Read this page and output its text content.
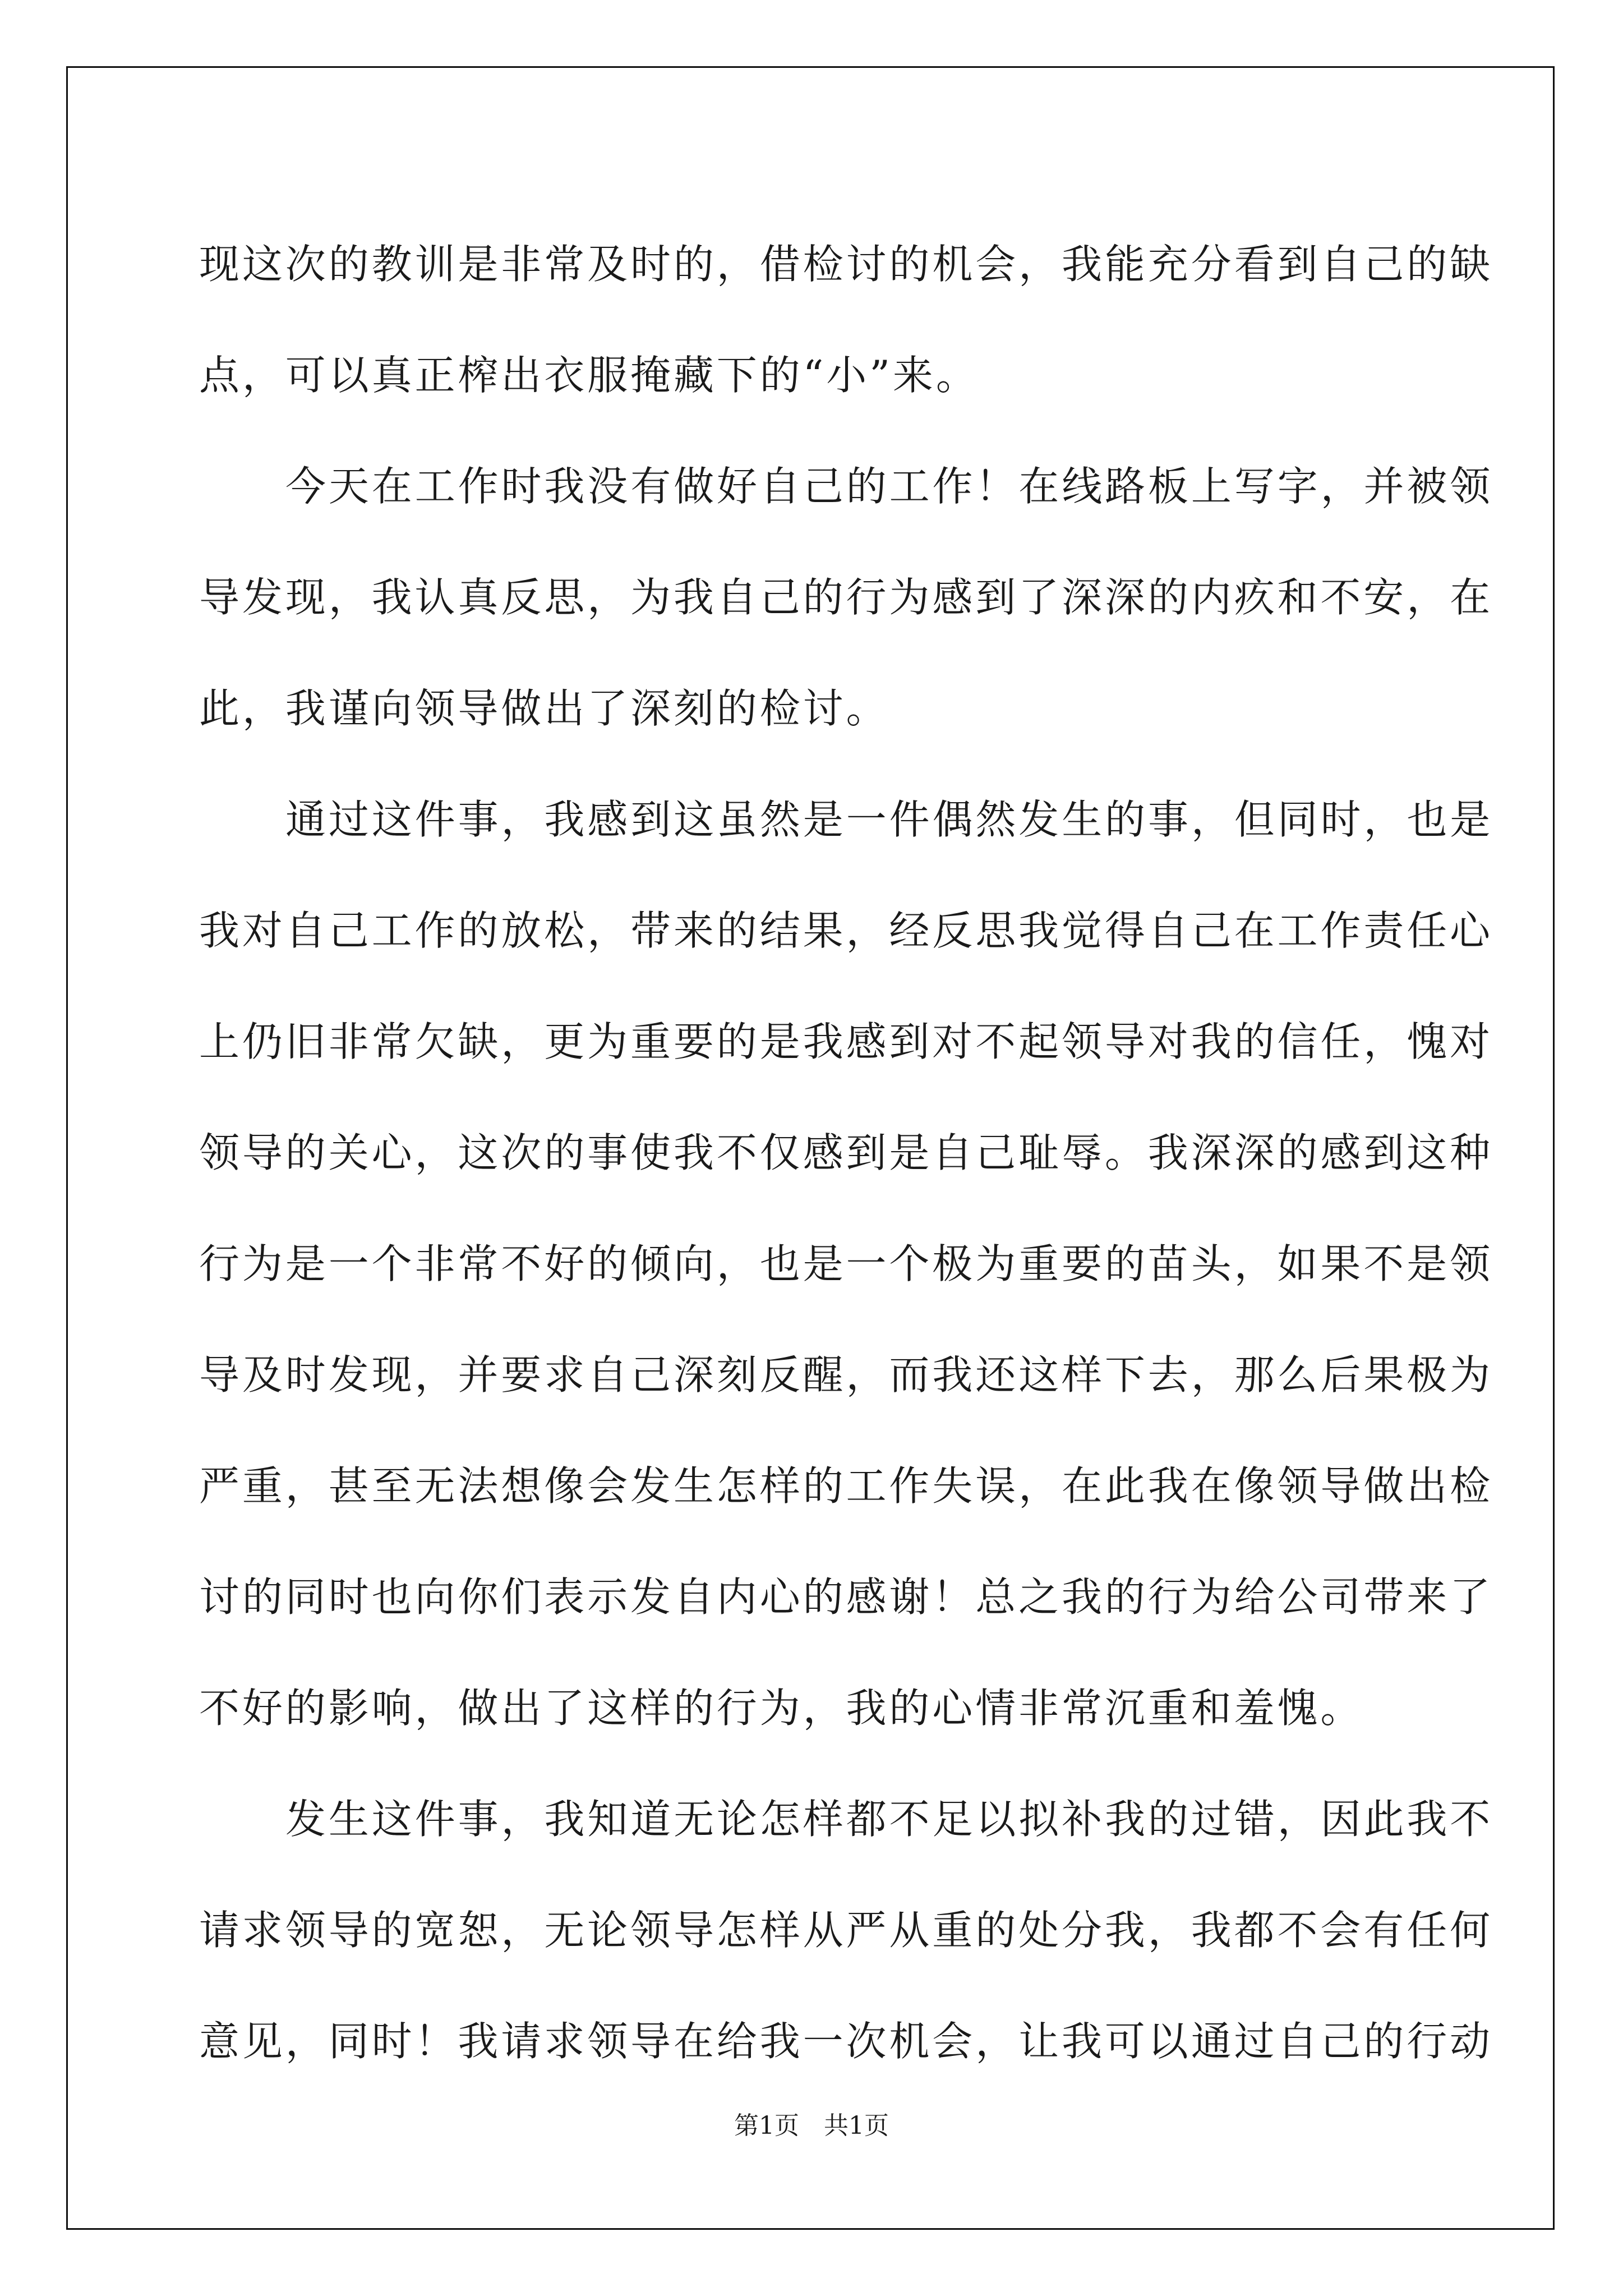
现这次的教训是非常及时的，借检讨的机会，我能充分看到自己的缺

点，可以真正榨出衣服掩藏下的“小”来。

今天在工作时我没有做好自己的工作！在线路板上写字，并被领

导发现，我认真反思，为我自己的行为感到了深深的内疚和不安，在

此，我谨向领导做出了深刻的检讨。

通过这件事，我感到这虽然是一件偶然发生的事，但同时，也是

我对自己工作的放松，带来的结果，经反思我觉得自己在工作责任心

上仍旧非常欠缺，更为重要的是我感到对不起领导对我的信任，愧对

领导的关心，这次的事使我不仅感到是自己耻辱。我深深的感到这种

行为是一个非常不好的倾向，也是一个极为重要的苗头，如果不是领

导及时发现，并要求自己深刻反醒，而我还这样下去，那么后果极为

严重，甚至无法想像会发生怎样的工作失误，在此我在像领导做出检

讨的同时也向你们表示发自内心的感谢！总之我的行为给公司带来了

不好的影响，做出了这样的行为，我的心情非常沉重和羞愧。

发生这件事，我知道无论怎样都不足以拟补我的过错，因此我不

请求领导的宽恕，无论领导怎样从严从重的处分我，我都不会有任何

意见，同时！我请求领导在给我一次机会，让我可以通过自己的行动

第1页　共1页
